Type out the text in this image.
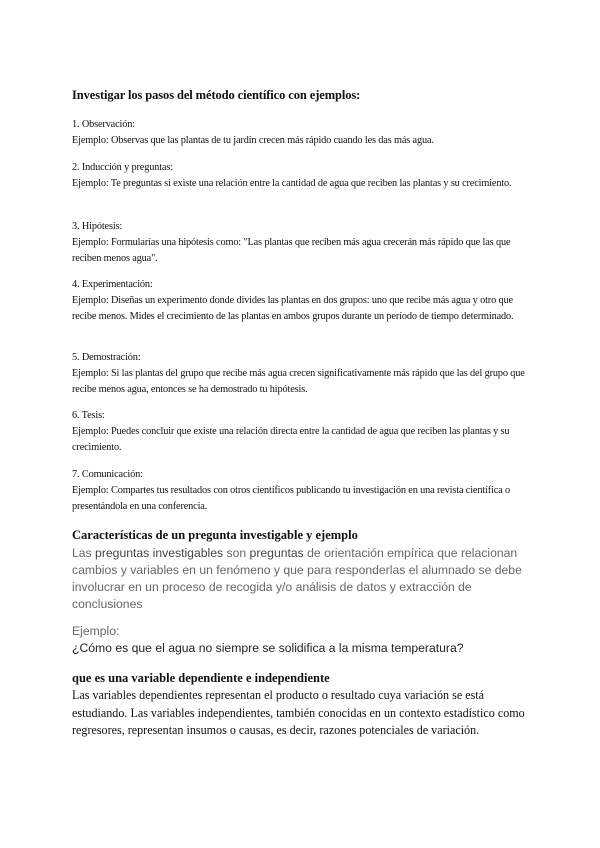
Investigar los pasos del método científico con ejemplos:
1. Observación:
Ejemplo: Observas que las plantas de tu jardín crecen más rápido cuando les das más agua.
2. Inducción y preguntas:
Ejemplo: Te preguntas si existe una relación entre la cantidad de agua que reciben las plantas y su crecimiento.
3. Hipótesis:
Ejemplo: Formularías una hipótesis como: "Las plantas que reciben más agua crecerán más rápido que las que reciben menos agua".
4. Experimentación:
Ejemplo: Diseñas un experimento donde divides las plantas en dos grupos: uno que recibe más agua y otro que recibe menos. Mides el crecimiento de las plantas en ambos grupos durante un período de tiempo determinado.
5. Demostración:
Ejemplo: Si las plantas del grupo que recibe más agua crecen significativamente más rápido que las del grupo que recibe menos agua, entonces se ha demostrado tu hipótesis.
6. Tesis:
Ejemplo: Puedes concluir que existe una relación directa entre la cantidad de agua que reciben las plantas y su crecimiento.
7. Comunicación:
Ejemplo: Compartes tus resultados con otros científicos publicando tu investigación en una revista científica o presentándola en una conferencia.
Características de un pregunta investigable y ejemplo
Las preguntas investigables son preguntas de orientación empírica que relacionan cambios y variables en un fenómeno y que para responderlas el alumnado se debe involucrar en un proceso de recogida y/o análisis de datos y extracción de conclusiones
Ejemplo:
¿Cómo es que el agua no siempre se solidifica a la misma temperatura?
que es una variable dependiente e independiente
Las variables dependientes representan el producto o resultado cuya variación se está estudiando. Las variables independientes, también conocidas en un contexto estadístico como regresores, representan insumos o causas, es decir, razones potenciales de variación.
